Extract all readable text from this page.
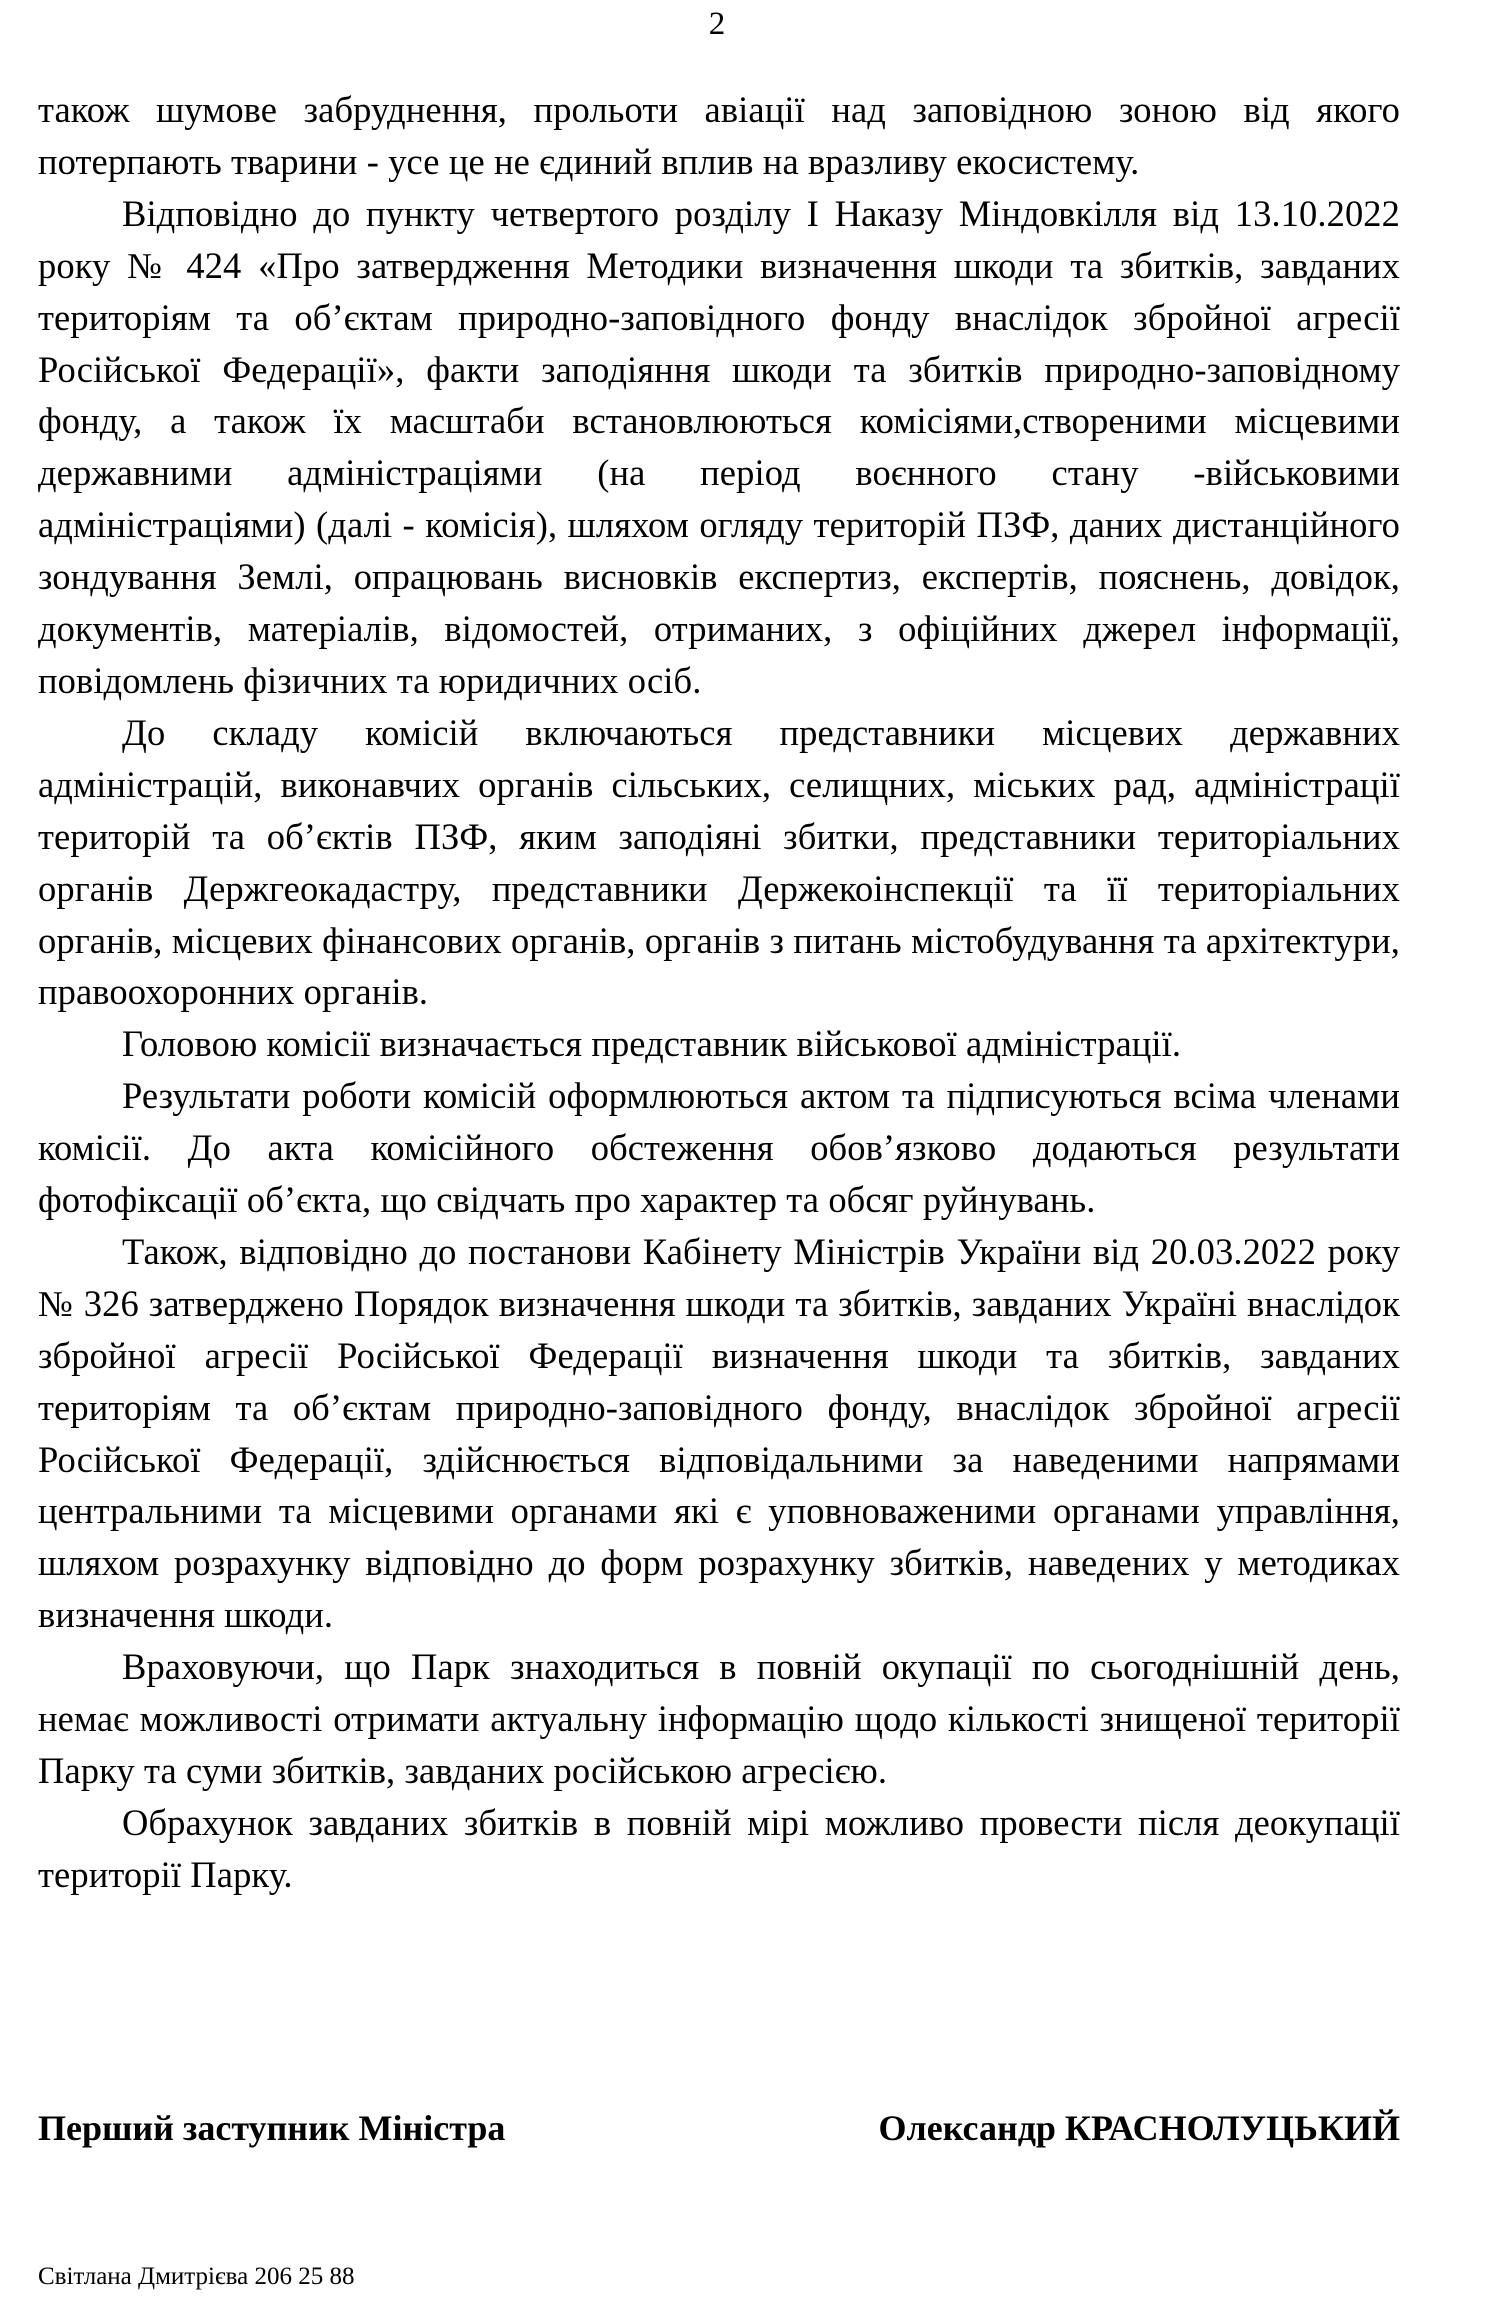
2

також шумове забруднення, прольоти авіації над заповідною зоною від якого потерпають тварини - усе це не єдиний вплив на вразливу екосистему.

Відповідно до пункту четвертого розділу І Наказу Міндовкілля від 13.10.2022 року № 424 «Про затвердження Методики визначення шкоди та збитків, завданих територіям та об’єктам природно-заповідного фонду внаслідок збройної агресії Російської Федерації», факти заподіяння шкоди та збитків природно-заповідному фонду, а також їх масштаби встановлюються комісіями,створеними місцевими державними адміністраціями (на період воєнного стану -військовими адміністраціями) (далі - комісія), шляхом огляду територій ПЗФ, даних дистанційного зондування Землі, опрацювань висновків експертиз, експертів, пояснень, довідок, документів, матеріалів, відомостей, отриманих, з офіційних джерел інформації, повідомлень фізичних та юридичних осіб.

До складу комісій включаються представники місцевих державних адміністрацій, виконавчих органів сільських, селищних, міських рад, адміністрації територій та об’єктів ПЗФ, яким заподіяні збитки, представники територіальних органів Держгеокадастру, представники Держекоінспекції та її територіальних органів, місцевих фінансових органів, органів з питань містобудування та архітектури, правоохоронних органів.

Головою комісії визначається представник військової адміністрації.

Результати роботи комісій оформлюються актом та підписуються всіма членами комісії. До акта комісійного обстеження обов’язково додаються результати фотофіксації об’єкта, що свідчать про характер та обсяг руйнувань.

Також, відповідно до постанови Кабінету Міністрів України від 20.03.2022 року № 326 затверджено Порядок визначення шкоди та збитків, завданих Україні внаслідок збройної агресії Російської Федерації визначення шкоди та збитків, завданих територіям та об’єктам природно-заповідного фонду, внаслідок збройної агресії Російської Федерації, здійснюється відповідальними за наведеними напрямами центральними та місцевими органами які є уповноваженими органами управління, шляхом розрахунку відповідно до форм розрахунку збитків, наведених у методиках визначення шкоди.

Враховуючи, що Парк знаходиться в повній окупації по сьогоднішній день, немає можливості отримати актуальну інформацію щодо кількості знищеної території Парку та суми збитків, завданих російською агресією.

Обрахунок завданих збитків в повній мірі можливо провести після деокупації території Парку.

Перший заступник Міністра	Олександр КРАСНОЛУЦЬКИЙ
Світлана Дмитрієва 206 25 88
